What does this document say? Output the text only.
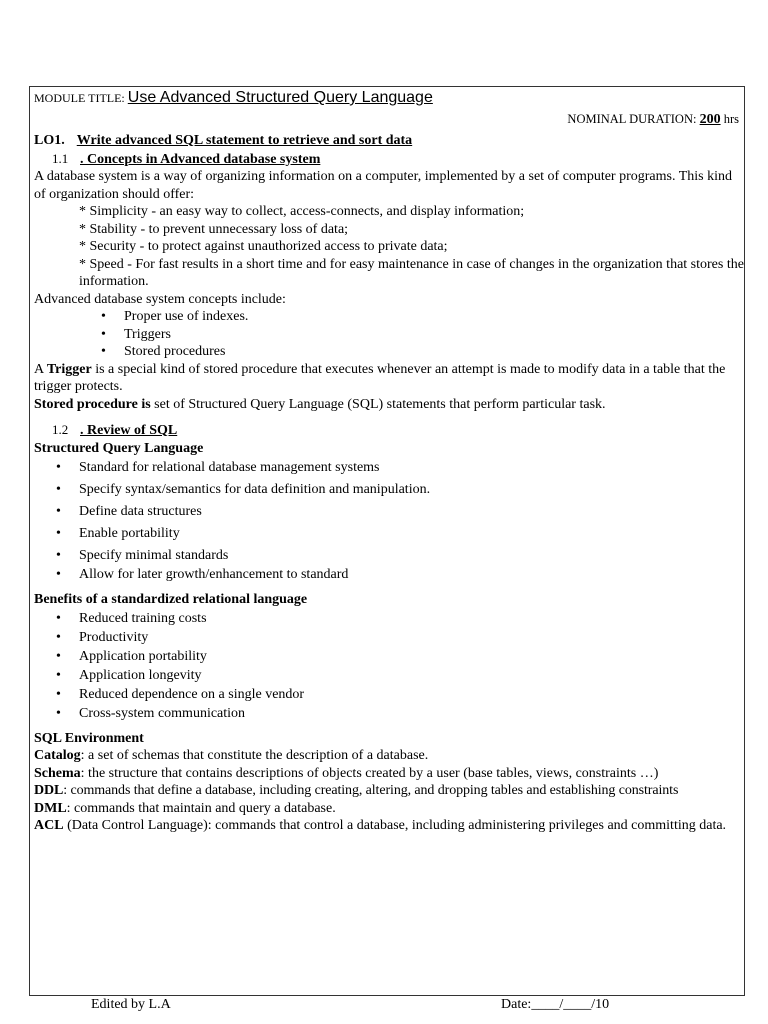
MODULE TITLE: Use Advanced Structured Query Language
NOMINAL DURATION: 200 hrs
LO1. Write advanced SQL statement to retrieve and sort data
1.1 . Concepts in Advanced database system

A database system is a way of organizing information on a computer, implemented by a set of computer programs. This kind of organization should offer:

* Simplicity - an easy way to collect, access-connects, and display information;

* Stability - to prevent unnecessary loss of data;

* Security - to protect against unauthorized access to private data;

* Speed - For fast results in a short time and for easy maintenance in case of changes in the organization that stores the information.

Advanced database system concepts include:

• Proper use of indexes.
• Triggers
• Stored procedures

A Trigger is a special kind of stored procedure that executes whenever an attempt is made to modify data in a table that the trigger protects.

Stored procedure is set of Structured Query Language (SQL) statements that perform particular task.

1.2 . Review of SQL

Structured Query Language

• Standard for relational database management systems
• Specify syntax/semantics for data definition and manipulation.
• Define data structures
• Enable portability
• Specify minimal standards
• Allow for later growth/enhancement to standard

Benefits of a standardized relational language

• Reduced training costs
• Productivity
• Application portability
• Application longevity
• Reduced dependence on a single vendor
• Cross-system communication

SQL Environment

Catalog: a set of schemas that constitute the description of a database.

Schema: the structure that contains descriptions of objects created by a user (base tables, views, constraints …)

DDL: commands that define a database, including creating, altering, and dropping tables and establishing constraints

DML: commands that maintain and query a database.

ACL (Data Control Language): commands that control a database, including administering privileges and committing data.

Edited by L.A	Date:____/____/10
